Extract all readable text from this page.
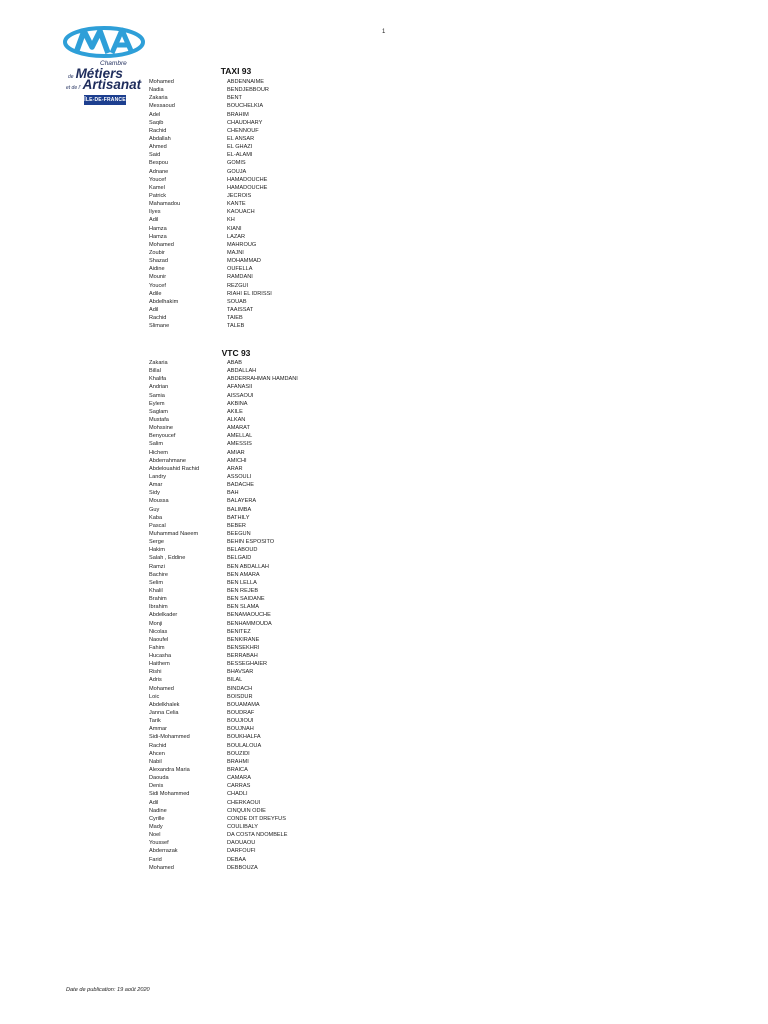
Chambre
de Métiers
et de l' Artisanat
ÎLE-DE-FRANCE
1
TAXI 93
Mohamed	ABDENNAIME
Nadia	BENDJEBBOUR
Zakaria	BENT
Messaoud	BOUCHELKIA
Adel	BRAHIM
Saqib	CHAUDHARY
Rachid	CHENNOUF
Abdallah	EL ANSAR
Ahmed	EL GHAZI
Said	EL-ALAMI
Bespou	GOMIS
Adnane	GOUJA
Youcef	HAMADOUCHE
Kamel	HAMADOUCHE
Patrick	JECROIS
Mahamadou	KANTE
Ilyes	KAOUACH
Adil	KH
Hamza	KIANI
Hamza	LAZAR
Mohamed	MAHROUG
Zoubir	MAJNI
Shazad	MOHAMMAD
Aidine	OUFELLA
Mounir	RAMDANI
Youcef	REZGUI
Adile	RIAHI EL IDRISSI
Abdelhakim	SOUAB
Adil	TAAISSAT
Rachid	TAIEB
Slimane	TALEB
VTC 93
Zakaria	ABAB
Billal	ABDALLAH
Khalifa	ABDERRAHMAN HAMDANI
Andrian	AFANASII
Samia	AISSAOUI
Eylem	AKBINA
Saglam	AKILE
Mustafa	ALKAN
Mohssine	AMARAT
Benyoucef	AMELLAL
Salim	AMESSIS
Hichem	AMIAR
Abderrahmane	AMICHI
Abdelouahid Rachid	ARAR
Landry	ASSOULI
Amar	BADACHE
Sidy	BAH
Moussa	BALAYERA
Guy	BALIMBA
Kaba	BATHILY
Pascal	BEBER
Muhammad Naeem	BEEGUN
Serge	BEHIN ESPOSITO
Hakim	BELABOUD
Salah , Eddine	BELGAID
Ramzi	BEN ABDALLAH
Bachire	BEN AMARA
Selim	BEN LELLA
Khalil	BEN REJEB
Brahim	BEN SAIDANE
Ibrahim	BEN SLAMA
Abdelkader	BENAMAOUCHE
Monji	BENHAMMOUDA
Nicolas	BENITEZ
Naoufel	BENKIRANE
Fahim	BENSEKHRI
Hucasha	BERRABAH
Haithem	BESSEGHAIER
Rishi	BHAVSAR
Adris	BILAL
Mohamed	BINDACH
Loic	BOISDUR
Abdelkhalek	BOUAMAMA
Janna Celia	BOUDRAF
Tarik	BOUJIOUI
Ammar	BOUJNAH
Sidi-Mohammed	BOUKHALFA
Rachid	BOULALOUA
Ahcen	BOUZIDI
Nabil	BRAHMI
Alexandra Maria	BRAICA
Daouda	CAMARA
Denis	CARRAS
Sidi Mohammed	CHADLI
Adil	CHERKAOUI
Nadine	CINQUIN ODIE
Cyrille	CONDE DIT DREYFUS
Mady	COULIBALY
Noel	DA COSTA NDOMBELE
Youssef	DAOUAOU
Abderrazak	DARFOUFI
Farid	DEBAA
Mohamed	DEBBOUZA
Date de publication: 19 août 2020
